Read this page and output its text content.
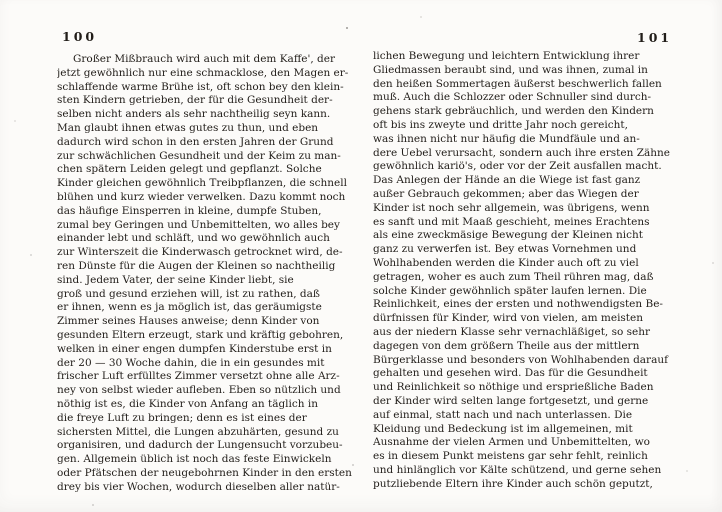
100
Großer Mißbrauch wird auch mit dem Kaffe', der
jetzt gewöhnlich nur eine schmacklose, den Magen er-
schlaffende warme Brühe ist, oft schon bey den klein-
sten Kindern getrieben, der für die Gesundheit der-
selben nicht anders als sehr nachtheilig seyn kann.
Man glaubt ihnen etwas gutes zu thun, und eben
dadurch wird schon in den ersten Jahren der Grund
zur schwächlichen Gesundheit und der Keim zu man-
chen spätern Leiden gelegt und gepflanzt. Solche
Kinder gleichen gewöhnlich Treibpflanzen, die schnell
blühen und kurz wieder verwelken. Dazu kommt noch
das häufige Einsperren in kleine, dumpfe Stuben,
zumal bey Geringen und Unbemittelten, wo alles bey
einander lebt und schläft, und wo gewöhnlich auch
zur Winterszeit die Kinderwasch getrocknet wird, de-
ren Dünste für die Augen der Kleinen so nachtheilig
sind. Jedem Vater, der seine Kinder liebt, sie
groß und gesund erziehen will, ist zu rathen, daß
er ihnen, wenn es ja möglich ist, das geräumigste
Zimmer seines Hauses anweise; denn Kinder von
gesunden Eltern erzeugt, stark und kräftig gebohren,
welken in einer engen dumpfen Kinderstube erst in
der 20 — 30 Woche dahin, die in ein gesundes mit
frischer Luft erfülltes Zimmer versetzt ohne alle Arz-
ney von selbst wieder aufleben. Eben so nützlich und
nöthig ist es, die Kinder von Anfang an täglich in
die freye Luft zu bringen; denn es ist eines der
sichersten Mittel, die Lungen abzuhärten, gesund zu
organisiren, und dadurch der Lungensucht vorzubeu-
gen. Allgemein üblich ist noch das feste Einwickeln
oder Pfätschen der neugebohrnen Kinder in den ersten
drey bis vier Wochen, wodurch dieselben aller natür-
101
lichen Bewegung und leichtern Entwicklung ihrer
Gliedmassen beraubt sind, und was ihnen, zumal in
den heißen Sommertagen äußerst beschwerlich fallen
muß. Auch die Schlozzer oder Schnuller sind durch-
gehens stark gebräuchlich, und werden den Kindern
oft bis ins zweyte und dritte Jahr noch gereicht,
was ihnen nicht nur häufig die Mundfäule und an-
dere Uebel verursacht, sondern auch ihre ersten Zähne
gewöhnlich kariö's, oder vor der Zeit ausfallen macht.
Das Anlegen der Hände an die Wiege ist fast ganz
außer Gebrauch gekommen; aber das Wiegen der
Kinder ist noch sehr allgemein, was übrigens, wenn
es sanft und mit Maaß geschieht, meines Erachtens
als eine zweckmäsige Bewegung der Kleinen nicht
ganz zu verwerfen ist. Bey etwas Vornehmen und
Wohlhabenden werden die Kinder auch oft zu viel
getragen, woher es auch zum Theil rühren mag, daß
solche Kinder gewöhnlich später laufen lernen. Die
Reinlichkeit, eines der ersten und nothwendigsten Be-
dürfnissen für Kinder, wird von vielen, am meisten
aus der niedern Klasse sehr vernachläßiget, so sehr
dagegen von dem größern Theile aus der mittlern
Bürgerklasse und besonders von Wohlhabenden darauf
gehalten und gesehen wird. Das für die Gesundheit
und Reinlichkeit so nöthige und ersprießliche Baden
der Kinder wird selten lange fortgesetzt, und gerne
auf einmal, statt nach und nach unterlassen. Die
Kleidung und Bedeckung ist im allgemeinen, mit
Ausnahme der vielen Armen und Unbemittelten, wo
es in diesem Punkt meistens gar sehr fehlt, reinlich
und hinlänglich vor Kälte schützend, und gerne sehen
putzliebende Eltern ihre Kinder auch schön geputzt,
